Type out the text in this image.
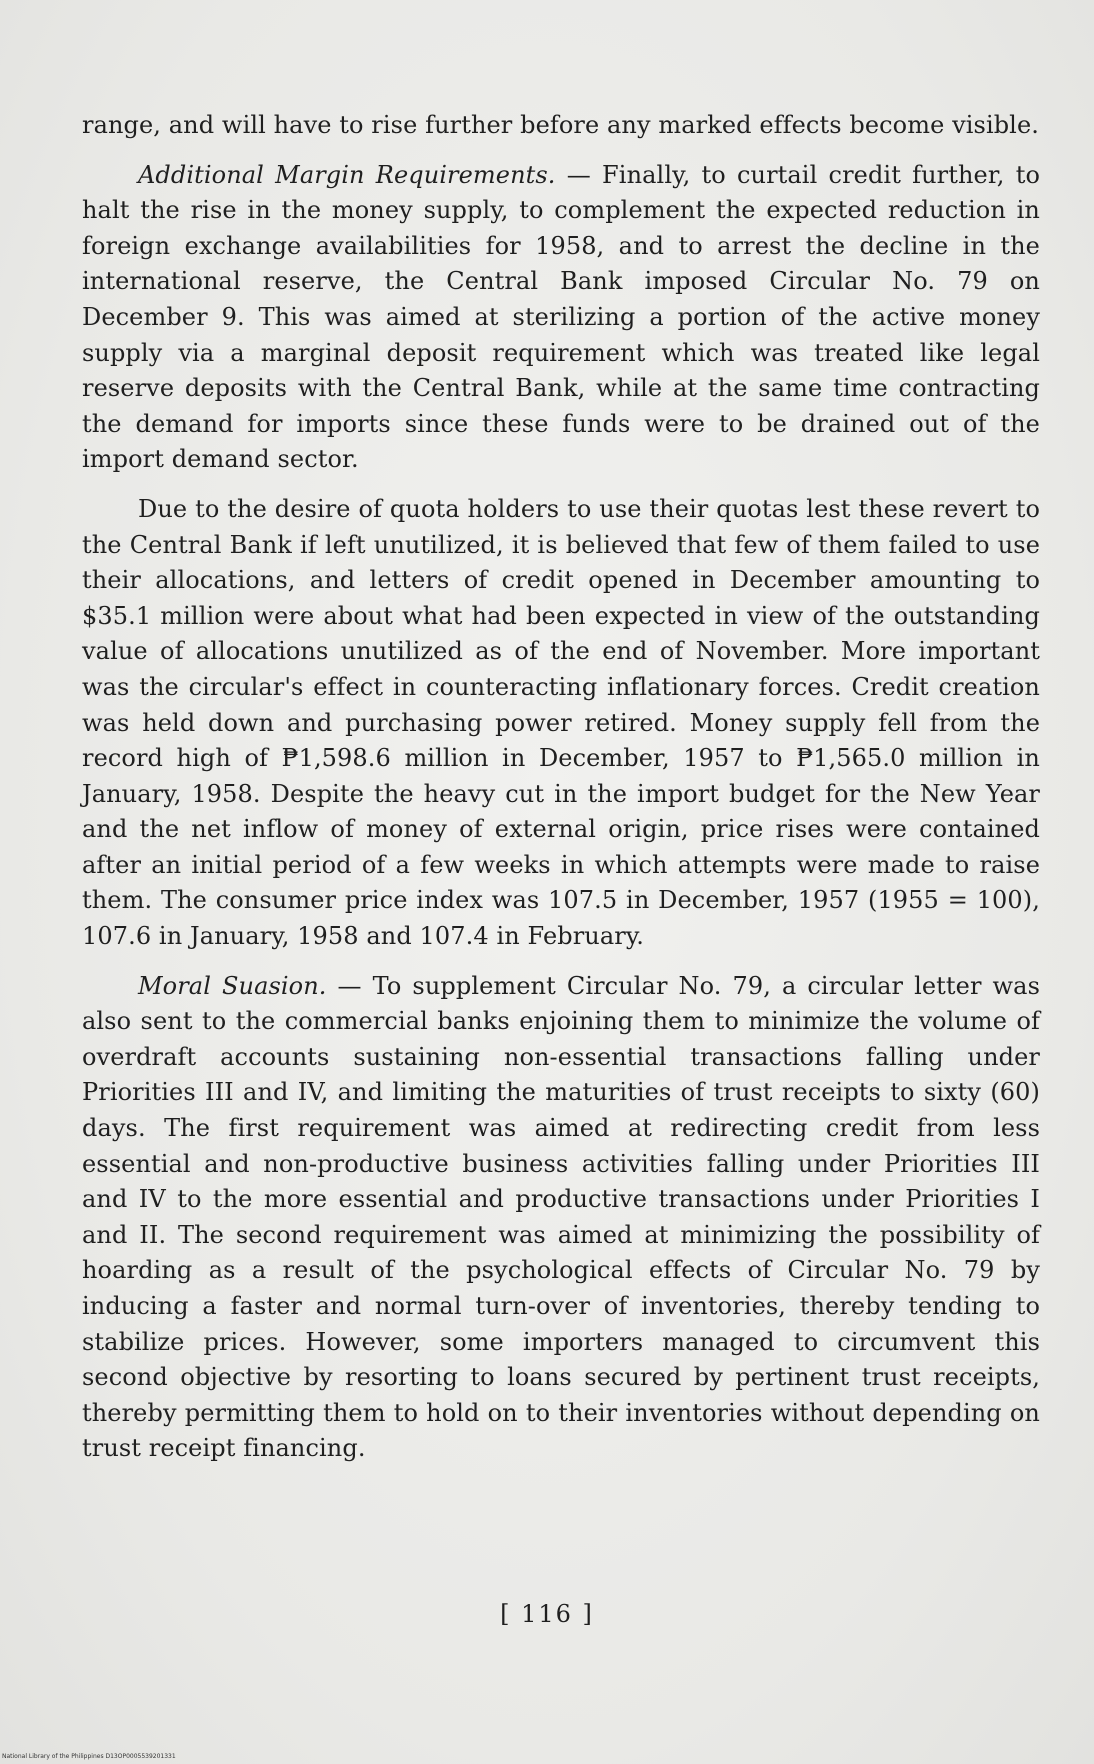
range, and will have to rise further before any marked effects become visible.

Additional Margin Requirements. — Finally, to curtail credit further, to halt the rise in the money supply, to complement the expected reduction in foreign exchange availabilities for 1958, and to arrest the decline in the international reserve, the Central Bank imposed Circular No. 79 on December 9. This was aimed at sterilizing a portion of the active money supply via a marginal deposit requirement which was treated like legal reserve deposits with the Central Bank, while at the same time contracting the demand for imports since these funds were to be drained out of the import demand sector.

Due to the desire of quota holders to use their quotas lest these revert to the Central Bank if left unutilized, it is believed that few of them failed to use their allocations, and letters of credit opened in December amounting to $35.1 million were about what had been expected in view of the outstanding value of allocations unutilized as of the end of November. More important was the circular's effect in counteracting inflationary forces. Credit creation was held down and purchasing power retired. Money supply fell from the record high of ₱1,598.6 million in December, 1957 to ₱1,565.0 million in January, 1958. Despite the heavy cut in the import budget for the New Year and the net inflow of money of external origin, price rises were contained after an initial period of a few weeks in which attempts were made to raise them. The consumer price index was 107.5 in December, 1957 (1955 = 100), 107.6 in January, 1958 and 107.4 in February.

Moral Suasion. — To supplement Circular No. 79, a circular letter was also sent to the commercial banks enjoining them to minimize the volume of overdraft accounts sustaining non-essential transactions falling under Priorities III and IV, and limiting the maturities of trust receipts to sixty (60) days. The first requirement was aimed at redirecting credit from less essential and non-productive business activities falling under Priorities III and IV to the more essential and productive transactions under Priorities I and II. The second requirement was aimed at minimizing the possibility of hoarding as a result of the psychological effects of Circular No. 79 by inducing a faster and normal turn-over of inventories, thereby tending to stabilize prices. However, some importers managed to circumvent this second objective by resorting to loans secured by pertinent trust receipts, thereby permitting them to hold on to their inventories without depending on trust receipt financing.

[ 116 ]
National Library of the Philippines D13OP0005539201331
